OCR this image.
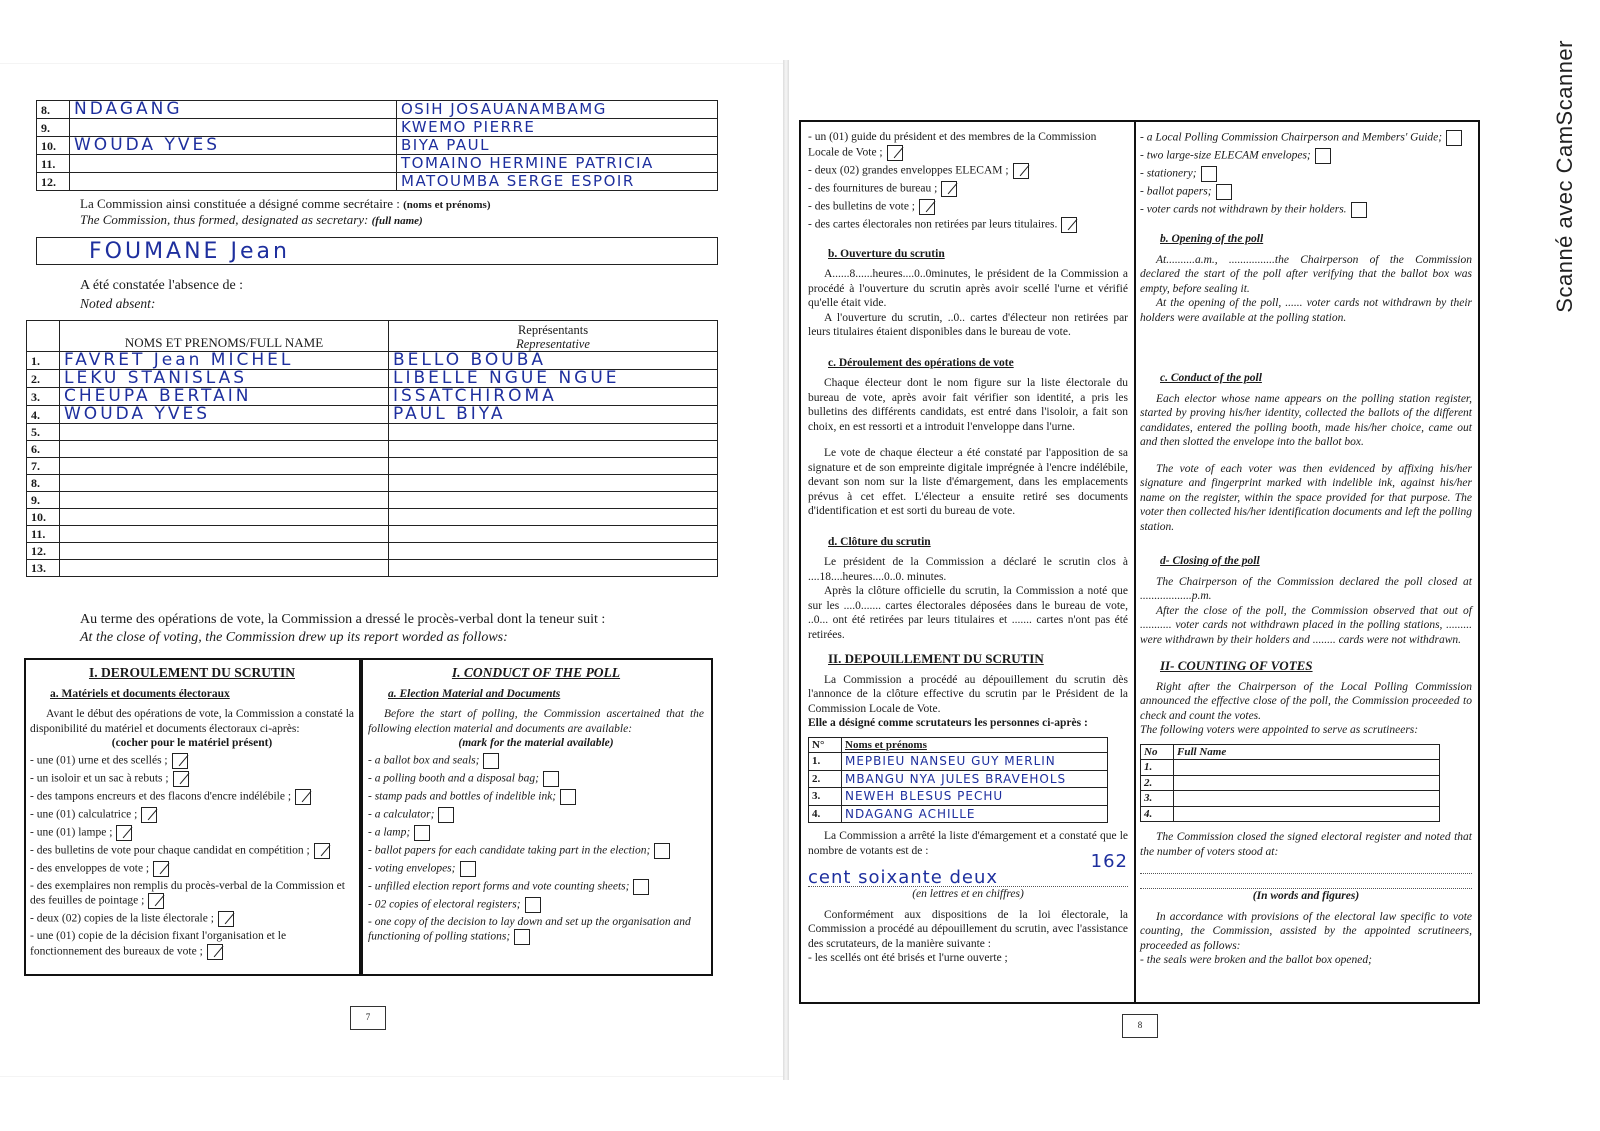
Scanné avec CamScanner
8.	NDAGANG	OSIH JOSAUANAMBAMG
9.		KWEMO PIERRE
10.	WOUDA YVES	BIYA PAUL
11.		TOMAINO HERMINE PATRICIA
12.		MATOUMBA SERGE ESPOIR
La Commission ainsi constituée a désigné comme secrétaire : (noms et prénoms)
The Commission, thus formed, designated as secretary: (full name)
FOUMANE Jean
A été constatée l'absence de :
Noted absent:
	NOMS ET PRENOMS/FULL NAME	Représentants
Representative

1.	FAVRET Jean MICHEL	BELLO BOUBA
2.	LEKU STANISLAS	LIBELLE NGUE NGUE
3.	CHEUPA BERTAIN	ISSATCHIROMA
4.	WOUDA YVES	PAUL BIYA
5.		
6.		
7.		
8.		
9.		
10.		
11.		
12.		
13.		
Au terme des opérations de vote, la Commission a dressé le procès-verbal dont la teneur suit :
At the close of voting, the Commission drew up its report worded as follows:
I. DEROULEMENT DU SCRUTIN
a. Matériels et documents électoraux

Avant le début des opérations de vote, la Commission a constaté la disponibilité du matériel et documents électoraux ci-après:

(cocher pour le matériel présent)
- une (01) urne et des scellés ;
- un isoloir et un sac à rebuts ;
- des tampons encreurs et des flacons d'encre indélébile ;
- une (01) calculatrice ;
- une (01) lampe ;
- des bulletins de vote pour chaque candidat en compétition ;
- des enveloppes de vote ;
- des exemplaires non remplis du procès-verbal de la Commission et des feuilles de pointage ;
- deux (02) copies de la liste électorale ;
- une (01) copie de la décision fixant l'organisation et le fonctionnement des bureaux de vote ;
I. CONDUCT OF THE POLL
a. Election Material and Documents

Before the start of polling, the Commission ascertained that the following election material and documents are available:

(mark for the material available)
- a ballot box and seals;
- a polling booth and a disposal bag;
- stamp pads and bottles of indelible ink;
- a calculator;
- a lamp;
- ballot papers for each candidate taking part in the election;
- voting envelopes;
- unfilled election report forms and vote counting sheets;
- 02 copies of electoral registers;
- one copy of the decision to lay down and set up the organisation and functioning of polling stations;
7
- un (01) guide du président et des membres de la Commission Locale de Vote ;
- deux (02) grandes enveloppes ELECAM ;
- des fournitures de bureau ;
- des bulletins de vote ;
- des cartes électorales non retirées par leurs titulaires.
b. Ouverture du scrutin

A......8......heures....0..0minutes, le président de la Commission a procédé à l'ouverture du scrutin après avoir scellé l'urne et vérifié qu'elle était vide.

A l'ouverture du scrutin, ..0.. cartes d'électeur non retirées par leurs titulaires étaient disponibles dans le bureau de vote.

c. Déroulement des opérations de vote

Chaque électeur dont le nom figure sur la liste électorale du bureau de vote, après avoir fait vérifier son identité, a pris les bulletins des différents candidats, est entré dans l'isoloir, a fait son choix, en est ressorti et a introduit l'enveloppe dans l'urne.

Le vote de chaque électeur a été constaté par l'apposition de sa signature et de son empreinte digitale imprégnée à l'encre indélébile, devant son nom sur la liste d'émargement, dans les emplacements prévus à cet effet. L'électeur a ensuite retiré ses documents d'identification et est sorti du bureau de vote.

d. Clôture du scrutin

Le président de la Commission a déclaré le scrutin clos à ....18....heures....0..0. minutes.

Après la clôture officielle du scrutin, la Commission a noté que sur les ....0....... cartes électorales déposées dans le bureau de vote, ..0... ont été retirées par leurs titulaires et ....... cartes n'ont pas été retirées.

II. DEPOUILLEMENT DU SCRUTIN

La Commission a procédé au dépouillement du scrutin dès l'annonce de la clôture effective du scrutin par le Président de la Commission Locale de Vote.

Elle a désigné comme scrutateurs les personnes ci-après :

N°	Noms et prénoms
1.	MEPBIEU NANSEU GUY MERLIN
2.	MBANGU NYA JULES BRAVEHOLS
3.	NEWEH BLESUS PECHU
4.	NDAGANG ACHILLE

La Commission a arrêté la liste d'émargement et a constaté que le nombre de votants est de :

162
cent soixante deux
(en lettres et en chiffres)

Conformément aux dispositions de la loi électorale, la Commission a procédé au dépouillement du scrutin, avec l'assistance des scrutateurs, de la manière suivante :

- les scellés ont été brisés et l'urne ouverte ;

- a Local Polling Commission Chairperson and Members' Guide;
- two large-size ELECAM envelopes;
- stationery;
- ballot papers;
- voter cards not withdrawn by their holders.
b. Opening of the poll

At..........a.m., ................the Chairperson of the Commission declared the start of the poll after verifying that the ballot box was empty, before sealing it.

At the opening of the poll, ...... voter cards not withdrawn by their holders were available at the polling station.

c. Conduct of the poll

Each elector whose name appears on the polling station register, started by proving his/her identity, collected the ballots of the different candidates, entered the polling booth, made his/her choice, came out and then slotted the envelope into the ballot box.

The vote of each voter was then evidenced by affixing his/her signature and fingerprint marked with indelible ink, against his/her name on the register, within the space provided for that purpose. The voter then collected his/her identification documents and left the polling station.

d- Closing of the poll

The Chairperson of the Commission declared the poll closed at ..................p.m.

After the close of the poll, the Commission observed that out of ........... voter cards not withdrawn placed in the polling stations, ......... were withdrawn by their holders and ........ cards were not withdrawn.

II- COUNTING OF VOTES

Right after the Chairperson of the Local Polling Commission announced the effective close of the poll, the Commission proceeded to check and count the votes.

The following voters were appointed to serve as scrutineers:

No	Full Name
1.	
2.	
3.	
4.	

The Commission closed the signed electoral register and noted that the number of voters stood at:

(In words and figures)

In accordance with provisions of the electoral law specific to vote counting, the Commission, assisted by the appointed scrutineers, proceeded as follows:

- the seals were broken and the ballot box opened;

8
